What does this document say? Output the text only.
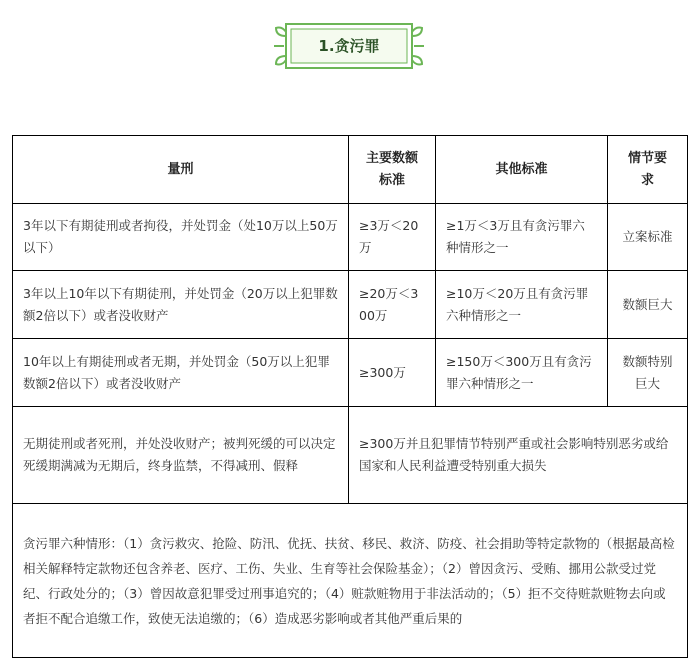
1.贪污罪
量刑	主要数额标准	其他标准	情节要求
3年以下有期徒刑或者拘役，并处罚金（处10万以上50万以下）	≥3万＜20万	≥1万＜3万且有贪污罪六种情形之一	立案标准
3年以上10年以下有期徒刑，并处罚金（20万以上犯罪数额2倍以下）或者没收财产	≥20万＜300万	≥10万＜20万且有贪污罪六种情形之一	数额巨大
10年以上有期徒刑或者无期，并处罚金（50万以上犯罪数额2倍以下）或者没收财产	≥300万	≥150万＜300万且有贪污罪六种情形之一	数额特别巨大
无期徒刑或者死刑，并处没收财产；被判死缓的可以决定死缓期满减为无期后，终身监禁，不得减刑、假释	≥300万并且犯罪情节特别严重或社会影响特别恶劣或给国家和人民利益遭受特别重大损失		
贪污罪六种情形：（1）贪污救灾、抢险、防汛、优抚、扶贫、移民、救济、防疫、社会捐助等特定款物的（根据最高检相关解释特定款物还包含养老、医疗、工伤、失业、生育等社会保险基金）；（2）曾因贪污、受贿、挪用公款受过党纪、行政处分的；（3）曾因故意犯罪受过刑事追究的；（4）赃款赃物用于非法活动的；（5）拒不交待赃款赃物去向或者拒不配合追缴工作，致使无法追缴的；（6）造成恶劣影响或者其他严重后果的			
